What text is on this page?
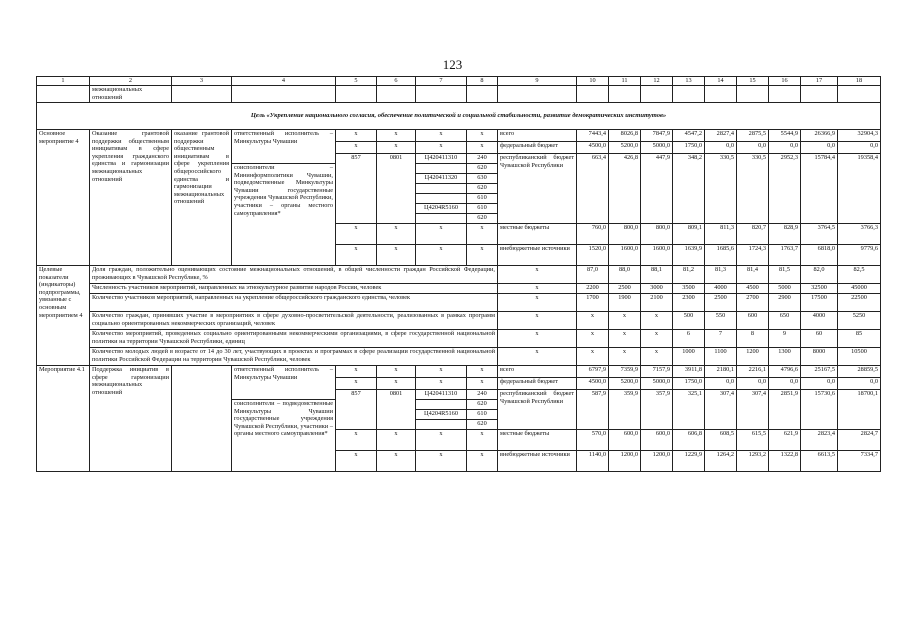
123
1	2	3	4	5	6	7	8	9	10	11	12	13	14	15	16	17	18
	межнациональных отношений																
Цель «Укрепление национального согласия, обеспечение политической и социальной стабильности, развитие демократических институтов»																	
Основное мероприятие 4	Оказание грантовой поддержки общественным инициативам в сфере укрепления гражданского единства и гармонизации межнациональных отношений	оказание грантовой поддержки общественным инициативам в сфере укрепления общероссийского единства и гармонизации межнациональных отношений	ответственный исполнитель – Минкультуры Чувашии	x	x	x	x	всего	7443,4	8026,8	7847,9	4547,2	2827,4	2875,5	5544,9	26366,9	32904,3
				x	x	x	x	федеральный бюджет	4500,0	5200,0	5000,0	1750,0	0,0	0,0	0,0	0,0	0,0
				857	0801	Ц420411310	240	республиканский бюджет Чувашской Республики	663,4	426,8	447,9	348,2	330,5	330,5	2952,3	15784,4	19358,4
			соисполнители – Мининформполитики Чувашии, подведомственные Минкультуры Чувашии государственные учреждения Чувашской Республики, участники – органы местного самоуправления*				620										
						Ц420411320	630										
							620										
							610										
						Ц4204R5160	610										
							620										
				x	x	x	x	местные бюджеты	760,0	800,0	800,0	809,1	811,3	820,7	828,9	3764,5	3766,3
				x	x	x	x	внебюджетные источники	1520,0	1600,0	1600,0	1639,9	1685,6	1724,3	1763,7	6818,0	9779,6
Целевые показатели (индикаторы) подпрограммы, увязанные с основным мероприятием 4	Доля граждан, положительно оценивающих состояние межнациональных отношений, в общей численности граждан Российской Федерации, проживающих в Чувашской Республике, %							x	87,0	88,0	88,1	81,2	81,3	81,4	81,5	82,0	82,5
	Численность участников мероприятий, направленных на этнокультурное развитие народов России, человек							x	2200	2500	3000	3500	4000	4500	5000	32500	45000
	Количество участников мероприятий, направленных на укрепление общероссийского гражданского единства, человек							x	1700	1900	2100	2300	2500	2700	2900	17500	22500
	Количество граждан, принявших участие в мероприятиях в сфере духовно-просветительской деятельности, реализованных в рамках программ социально ориентированных некоммерческих организаций, человек							x	x	x	x	500	550	600	650	4000	5250
	Количество мероприятий, проведенных социально ориентированными некоммерческими организациями, в сфере государственной национальной политики на территории Чувашской Республики, единиц							x	x	x	x	6	7	8	9	60	85
	Количество молодых людей в возрасте от 14 до 30 лет, участвующих в проектах и программах в сфере реализации государственной национальной политики Российской Федерации на территории Чувашской Республики, человек							x	x	x	x	1000	1100	1200	1300	8000	10500
Мероприятие 4.1	Поддержка инициатив в сфере гармонизации межнациональных отношений		ответственный исполнитель – Минкультуры Чувашии	x	x	x	x	всего	6797,9	7359,9	7157,9	3911,8	2180,1	2216,1	4796,6	25167,5	28859,5
				x	x	x	x	федеральный бюджет	4500,0	5200,0	5000,0	1750,0	0,0	0,0	0,0	0,0	0,0
				857	0801	Ц420411310	240	республиканский бюджет Чувашской Республики	587,9	359,9	357,9	325,1	307,4	307,4	2851,9	15730,6	18700,1
			соисполнители – подведомственные Минкультуры Чувашии государственные учреждения Чувашской Республики, участники – органы местного самоуправления*				620										
						Ц4204R5160	610										
							620										
				x	x	x	x	местные бюджеты	570,0	600,0	600,0	606,8	608,5	615,5	621,9	2823,4	2824,7
				x	x	x	x	внебюджетные источники	1140,0	1200,0	1200,0	1229,9	1264,2	1293,2	1322,8	6613,5	7334,7
